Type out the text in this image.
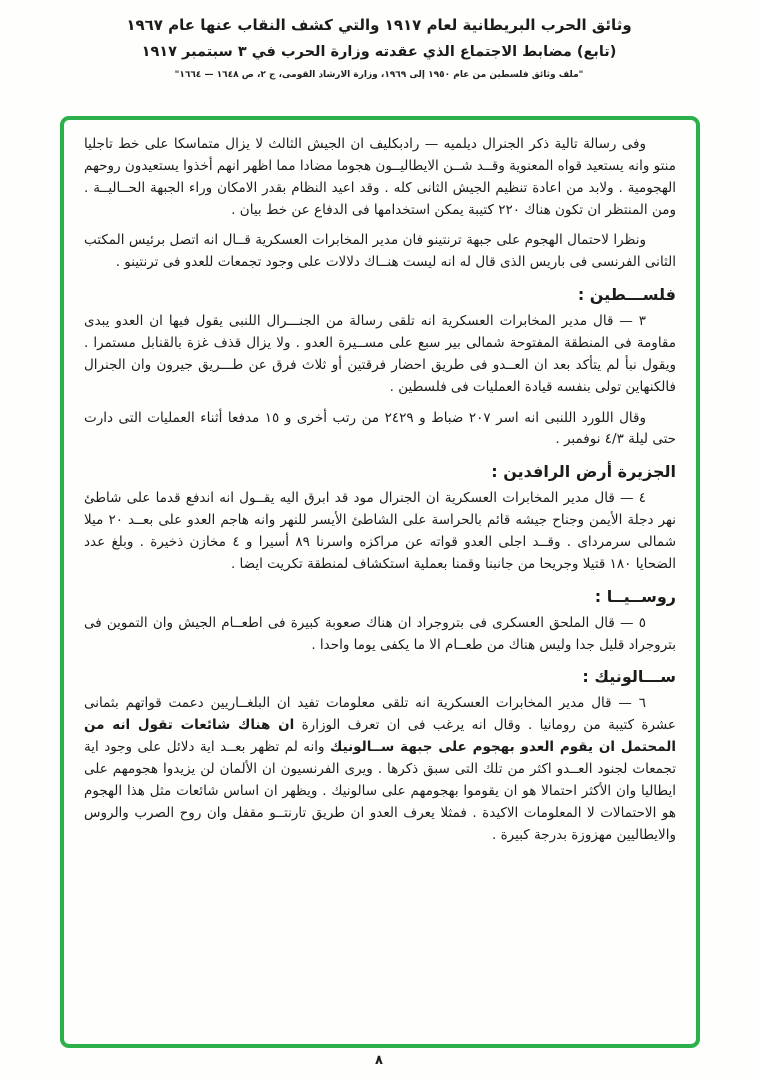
وثائق الحرب البريطانية لعام ١٩١٧ والتي كشف النقاب عنها عام ١٩٦٧
(تابع) مضابط الاجتماع الذي عقدته وزارة الحرب في ٣ سبتمبر ١٩١٧
"ملف وثائق فلسطين من عام ١٩٥٠ إلى ١٩٦٩، وزارة الارشاد القومى، ج ٢، ص ١٦٤٨ — ١٦٦٤"

وفى رسالة تالية ذكر الجنرال ديلميه — رادبكليف ان الجيش الثالث لا يزال متماسكا على خط تاجليا منتو وانه يستعيد قواه المعنوية وقــد شــن الايطاليــون هجوما مضادا مما اظهر انهم أخذوا يستعيدون روحهم الهجومية . ولابد من اعادة تنظيم الجيش الثانى كله . وقد اعيد النظام بقدر الامكان وراء الجبهة الحــاليــة . ومن المنتظر ان تكون هناك ٢٢٠ كتيبة يمكن استخدامها فى الدفاع عن خط بيان .

ونظرا لاحتمال الهجوم على جبهة ترنتينو فان مدير المخابرات العسكرية قــال انه اتصل برئيس المكتب الثانى الفرنسى فى باريس الذى قال له انه ليست هنــاك دلالات على وجود تجمعات للعدو فى ترنتينو .

فلســـطين :

٣ — قال مدير المخابرات العسكرية انه تلقى رسالة من الجنـــرال اللنبى يقول فيها ان العدو يبدى مقاومة فى المنطقة المفتوحة شمالى بير سبع على مســيرة العدو . ولا يزال قذف غزة بالقنابل مستمرا . ويقول نبأ لم يتأكد بعد ان العــدو فى طريق احضار فرقتين أو ثلاث فرق عن طـــريق جيرون وان الجنرال فالكنهاين تولى بنفسه قيادة العمليات فى فلسطين .

وقال اللورد اللنبى انه اسر ٢٠٧ ضباط و ٢٤٢٩ من رتب أخرى و ١٥ مدفعا أثناء العمليات التى دارت حتى ليلة ٤/٣ نوفمبر .

الجزيرة أرض الرافدين :

٤ — قال مدير المخابرات العسكرية ان الجنرال مود قد ابرق اليه يقــول انه اندفع قدما على شاطئ نهر دجلة الأيمن وجناح جيشه قائم بالحراسة على الشاطئ الأيسر للنهر وانه هاجم العدو على بعــد ٢٠ ميلا شمالى سرمرداى . وقــد اجلى العدو قواته عن مراكزه واسرنا ٨٩ أسيرا و ٤ مخازن ذخيرة . وبلغ عدد الضحايا ١٨٠ قتيلا وجريحا من جانبنا وقمنا بعملية استكشاف لمنطقة تكريت ايضا .

روســيــا :

٥ — قال الملحق العسكرى فى بتروجراد ان هناك صعوبة كبيرة فى اطعــام الجيش وان التموين فى بتروجراد قليل جدا وليس هناك من طعــام الا ما يكفى يوما واحدا .

ســـالونيك :

٦ — قال مدير المخابرات العسكرية انه تلقى معلومات تفيد ان البلغــاريين دعمت قواتهم بثمانى عشرة كتيبة من رومانيا . وقال انه يرغب فى ان تعرف الوزارة ان هناك شائعات تقول انه من المحتمل ان يقوم العدو بهجوم على جبهة ســالونيك وانه لم تظهر بعــد اية دلائل على وجود اية تجمعات لجنود العــدو اكثر من تلك التى سبق ذكرها . ويرى الفرنسيون ان الألمان لن يزيدوا هجومهم على ايطاليا وان الأكثر احتمالا هو ان يقوموا بهجومهم على سالونيك . ويظهر ان اساس شائعات مثل هذا الهجوم هو الاحتمالات لا المعلومات الاكيدة . فمثلا يعرف العدو ان طريق تارنتــو مقفل وان روح الصرب والروس والايطاليين مهزوزة بدرجة كبيرة .

٨
